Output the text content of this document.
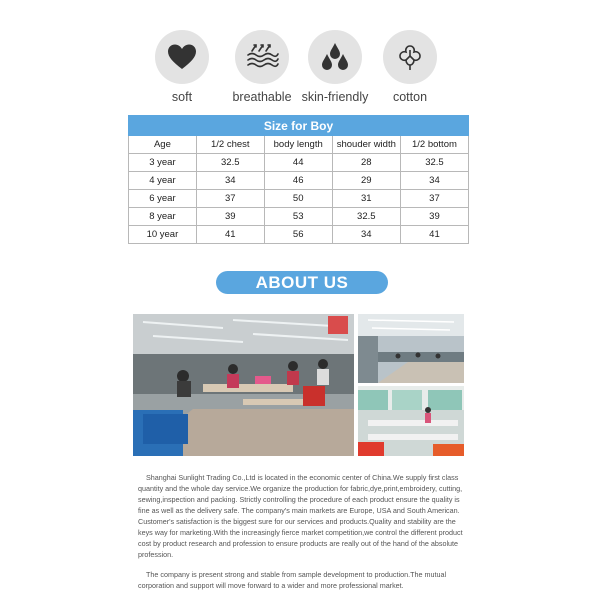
soft	breathable skin-friendly	cotton
Size for Boy				
Age	1/2 chest	body length	shouder width	1/2 bottom
3 year	32.5	44	28	32.5
4 year	34	46	29	34
6 year	37	50	31	37
8 year	39	53	32.5	39
10 year	41	56	34	41
ABOUT US

Shanghai Sunlight Trading Co.,Ltd is located in the economic center of China.We supply first class quantity and the whole day service.We organize the production for fabric,dye,print,embroidery, cutting, sewing,inspection and packing. Strictly controlling the procedure of each product ensure the quality is fine as well as the delivery safe. The company's main markets are Europe, USA and South American. Customer's satisfaction is the biggest sure for our services and products.Quality and stability are the keys way for marketing.With the increasingly fierce market competition,we control the different product cost by product research and profession to ensure products are really out of the hand of the absolute profession.

The company is present strong and stable from sample development to production.The mutual corporation and support will move forward to a wider and more professional market.
